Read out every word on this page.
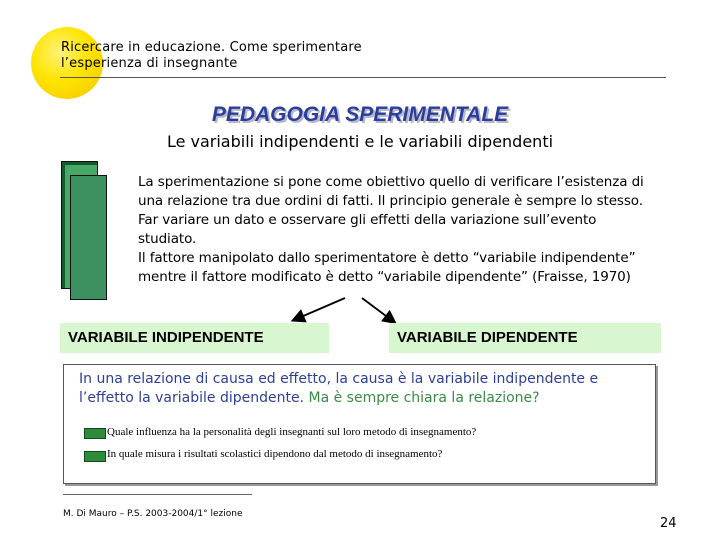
Ricercare in educazione. Come sperimentare
l’esperienza di insegnante
PEDAGOGIA SPERIMENTALE
Le variabili indipendenti e le variabili dipendenti

La sperimentazione si pone come obiettivo quello di verificare l’esistenza di una relazione tra due ordini di fatti. Il principio generale è sempre lo stesso. Far variare un dato e osservare gli effetti della variazione sull’evento studiato.

Il fattore manipolato dallo sperimentatore è detto “variabile indipendente” mentre il fattore modificato è detto “variabile dipendente” (Fraisse, 1970)

VARIABILE INDIPENDENTE	VARIABILE DIPENDENTE
In una relazione di causa ed effetto, la causa è la variabile indipendente e l’effetto la variabile dipendente. Ma è sempre chiara la relazione?
Quale influenza ha la personalità degli insegnanti sul loro metodo di insegnamento?
In quale misura i risultati scolastici dipendono dal metodo di insegnamento?
M. Di Mauro – P.S. 2003-2004/1° lezione
24
